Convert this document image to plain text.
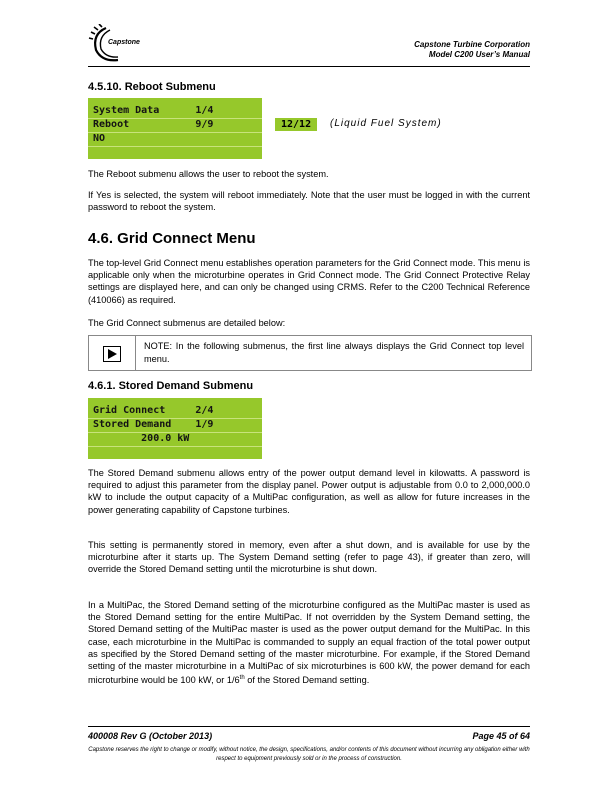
Capstone	Capstone Turbine Corporation
Model C200 User’s Manual
4.5.10. Reboot Submenu
System Data      1/4
Reboot           9/9
NO
12/12	(Liquid Fuel System)
The Reboot submenu allows the user to reboot the system.
If Yes is selected, the system will reboot immediately. Note that the user must be logged in with the current password to reboot the system.
4.6. Grid Connect Menu
The top-level Grid Connect menu establishes operation parameters for the Grid Connect mode. This menu is applicable only when the microturbine operates in Grid Connect mode. The Grid Connect Protective Relay settings are displayed here, and can only be changed using CRMS. Refer to the C200 Technical Reference (410066) as required.
The Grid Connect submenus are detailed below:
NOTE: In the following submenus, the first line always displays the Grid Connect top level menu.
4.6.1. Stored Demand Submenu
Grid Connect     2/4
Stored Demand    1/9
200.0 kW
The Stored Demand submenu allows entry of the power output demand level in kilowatts. A password is required to adjust this parameter from the display panel. Power output is adjustable from 0.0 to 2,000,000.0 kW to include the output capacity of a MultiPac configuration, as well as allow for future increases in the power generating capability of Capstone turbines.
This setting is permanently stored in memory, even after a shut down, and is available for use by the microturbine after it starts up. The System Demand setting (refer to page 43), if greater than zero, will override the Stored Demand setting until the microturbine is shut down.
In a MultiPac, the Stored Demand setting of the microturbine configured as the MultiPac master is used as the Stored Demand setting for the entire MultiPac. If not overridden by the System Demand setting, the Stored Demand setting of the MultiPac master is used as the power output demand for the MultiPac. In this case, each microturbine in the MultiPac is commanded to supply an equal fraction of the total power output as specified by the Stored Demand setting of the master microturbine. For example, if the Stored Demand setting of the master microturbine in a MultiPac of six microturbines is 600 kW, the power demand for each microturbine would be 100 kW, or 1/6th of the Stored Demand setting.
400008 Rev G (October 2013)	Page 45 of 64
Capstone reserves the right to change or modify, without notice, the design, specifications, and/or contents of this document without incurring any obligation either with respect to equipment previously sold or in the process of construction.
